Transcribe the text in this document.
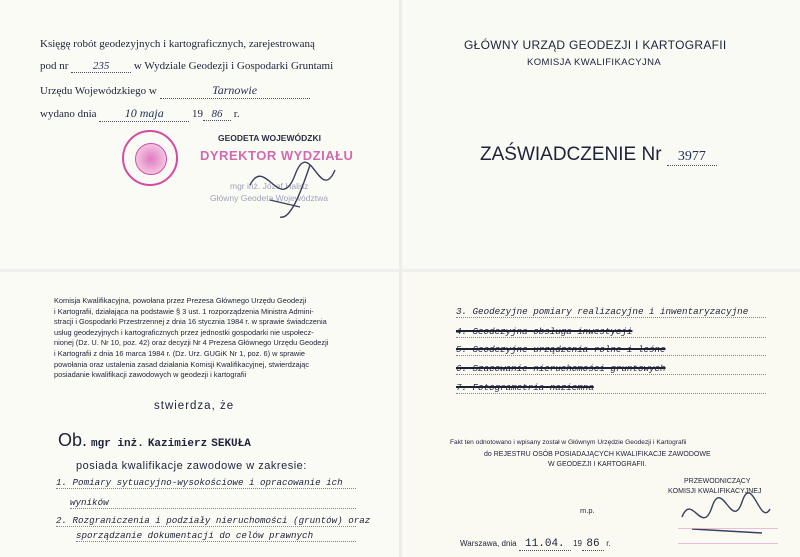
Księgę robót geodezyjnych i kartograficznych, zarejestrowaną
pod nr 235 w Wydziale Geodezji i Gospodarki Gruntami
Urzędu Wojewódzkiego w	Tarnowie
wydano dnia 10 maja	19 86 r.
GEODETA WOJEWÓDZKI
DYREKTOR WYDZIAŁU
mgr inż. Józef Halisz
Główny Geodeta Województwa
GŁÓWNY URZĄD GEODEZJI I KARTOGRAFII
KOMISJA KWALIFIKACYJNA
ZAŚWIADCZENIE Nr 3977
Komisja Kwalifikacyjna, powołana przez Prezesa Głównego Urzędu Geodezji
i Kartografii, działająca na podstawie § 3 ust. 1 rozporządzenia Ministra Admini-
stracji i Gospodarki Przestrzennej z dnia 16 stycznia 1984 r. w sprawie świadczenia
usług geodezyjnych i kartograficznych przez jednostki gospodarki nie uspołecz-
nionej (Dz. U. Nr 10, poz. 42) oraz decyzji Nr 4 Prezesa Głównego Urzędu Geodezji
i Kartografii z dnia 16 marca 1984 r. (Dz. Urz. GUGiK Nr 1, poz. 6) w sprawie
powołania oraz ustalenia zasad działania Komisji Kwalifikacyjnej, stwierdzając
posiadanie kwalifikacji zawodowych w geodezji i kartografii
stwierdza, że
Ob. mgr inż. Kazimierz SEKUŁA
posiada kwalifikacje zawodowe w zakresie:
1. Pomiary sytuacyjno-wysokościowe i opracowanie ich
wyników
2. Rozgraniczenia i podziały nieruchomości (gruntów) oraz
sporządzanie dokumentacji do celów prawnych
3. Geodezyjne pomiary realizacyjne i inwentaryzacyjne
4. Geodezyjna obsługa inwestycji
5. Geodezyjne urządzenia rolne i leśne
6. Szacowanie nieruchomości gruntowych
7. Fotogrametria naziemna
Fakt ten odnotowano i wpisany został w Głównym Urzędzie Geodezji i Kartografii
do REJESTRU OSÓB POSIADAJĄCYCH KWALIFIKACJE ZAWODOWE
W GEODEZJI I KARTOGRAFII.
PRZEWODNICZĄCY
KOMISJI KWALIFIKACYJNEJ
m.p.
Warszawa, dnia 11.04. 19 86 r.
